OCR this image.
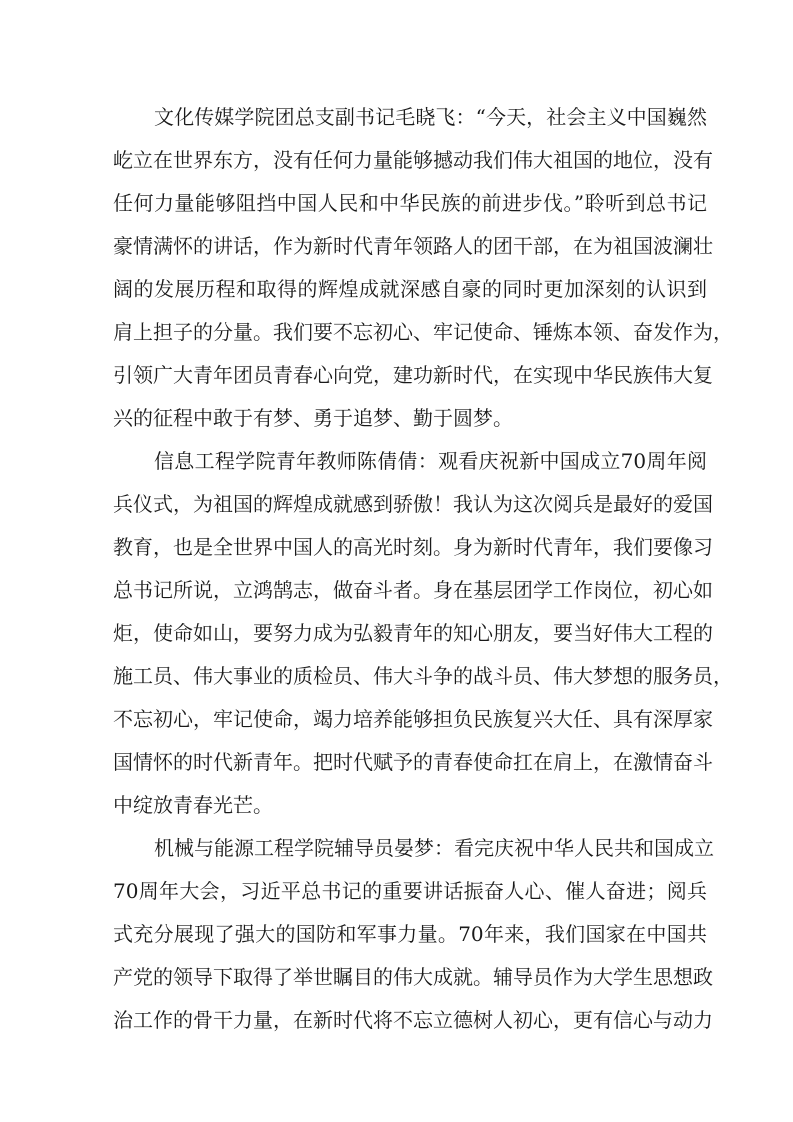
文化传媒学院团总支副书记毛晓飞：“今天，社会主义中国巍然
屹立在世界东方，没有任何力量能够撼动我们伟大祖国的地位，没有
任何力量能够阻挡中国人民和中华民族的前进步伐。”聆听到总书记
豪情满怀的讲话，作为新时代青年领路人的团干部，在为祖国波澜壮
阔的发展历程和取得的辉煌成就深感自豪的同时更加深刻的认识到
肩上担子的分量。我们要不忘初心、牢记使命、锤炼本领、奋发作为，
引领广大青年团员青春心向党，建功新时代，在实现中华民族伟大复
兴的征程中敢于有梦、勇于追梦、勤于圆梦。
信息工程学院青年教师陈倩倩：观看庆祝新中国成立70周年阅
兵仪式，为祖国的辉煌成就感到骄傲！我认为这次阅兵是最好的爱国
教育，也是全世界中国人的高光时刻。身为新时代青年，我们要像习
总书记所说，立鸿鹄志，做奋斗者。身在基层团学工作岗位，初心如
炬，使命如山，要努力成为弘毅青年的知心朋友，要当好伟大工程的
施工员、伟大事业的质检员、伟大斗争的战斗员、伟大梦想的服务员，
不忘初心，牢记使命，竭力培养能够担负民族复兴大任、具有深厚家
国情怀的时代新青年。把时代赋予的青春使命扛在肩上，在激情奋斗
中绽放青春光芒。
机械与能源工程学院辅导员晏梦：看完庆祝中华人民共和国成立
70周年大会，习近平总书记的重要讲话振奋人心、催人奋进；阅兵
式充分展现了强大的国防和军事力量。70年来，我们国家在中国共
产党的领导下取得了举世瞩目的伟大成就。辅导员作为大学生思想政
治工作的骨干力量，在新时代将不忘立德树人初心，更有信心与动力
